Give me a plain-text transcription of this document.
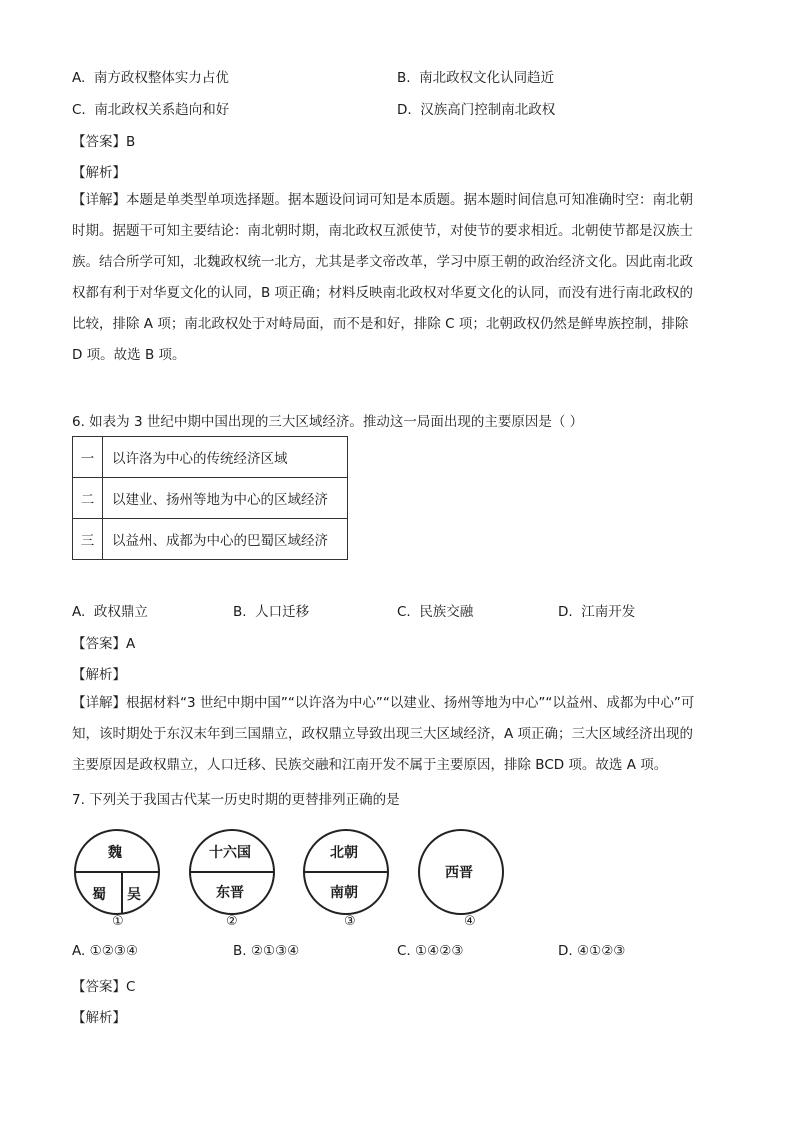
A. 南方政权整体实力占优	B. 南北政权文化认同趋近
C. 南北政权关系趋向和好	D. 汉族高门控制南北政权
【答案】B
【解析】
【详解】本题是单类型单项选择题。据本题设问词可知是本质题。据本题时间信息可知准确时空：南北朝
时期。据题干可知主要结论：南北朝时期，南北政权互派使节，对使节的要求相近。北朝使节都是汉族士
族。结合所学可知，北魏政权统一北方，尤其是孝文帝改革，学习中原王朝的政治经济文化。因此南北政
权都有利于对华夏文化的认同，B 项正确；材料反映南北政权对华夏文化的认同，而没有进行南北政权的
比较，排除 A 项；南北政权处于对峙局面，而不是和好，排除 C 项；北朝政权仍然是鲜卑族控制，排除
D 项。故选 B 项。
6. 如表为 3 世纪中期中国出现的三大区域经济。推动这一局面出现的主要原因是（ ）
一	以许洛为中心的传统经济区域
二	以建业、扬州等地为中心的区域经济
三	以益州、成都为中心的巴蜀区域经济
A. 政权鼎立	B. 人口迁移	C. 民族交融	D. 江南开发
【答案】A
【解析】
【详解】根据材料“3 世纪中期中国”“以许洛为中心”“以建业、扬州等地为中心”“以益州、成都为中心”可
知，该时期处于东汉末年到三国鼎立，政权鼎立导致出现三大区域经济，A 项正确；三大区域经济出现的
主要原因是政权鼎立，人口迁移、民族交融和江南开发不属于主要原因，排除 BCD 项。故选 A 项。
7. 下列关于我国古代某一历史时期的更替排列正确的是
魏
蜀 吴
①
十六国
东晋
②
北朝
南朝
③
西晋
④
A. ①②③④	B. ②①③④	C. ①④②③	D. ④①②③
【答案】C
【解析】
